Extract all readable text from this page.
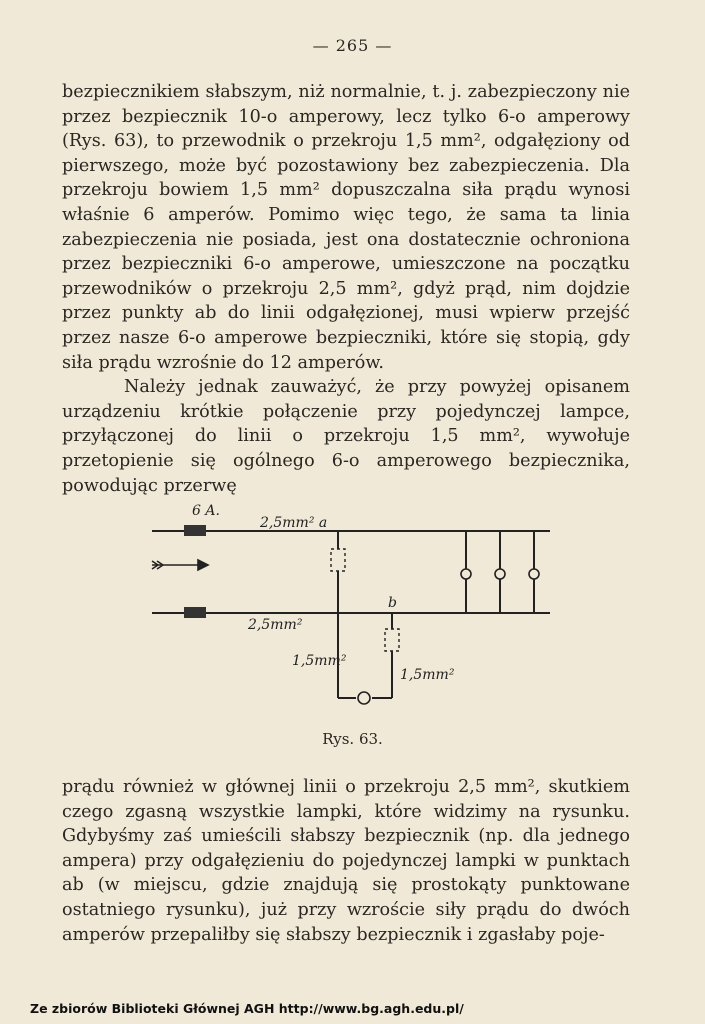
— 265 —

bezpiecznikiem słabszym, niż normalnie, t. j. zabezpieczony nie przez bezpiecznik 10-o amperowy, lecz tylko 6-o amperowy (Rys. 63), to przewodnik o przekroju 1,5 mm², odgałęziony od pierwszego, może być pozostawiony bez zabezpieczenia. Dla przekroju bowiem 1,5 mm² dopuszczalna siła prądu wynosi właśnie 6 amperów. Pomimo więc tego, że sama ta linia zabezpieczenia nie posiada, jest ona dostatecznie ochroniona przez bezpieczniki 6-o amperowe, umieszczone na początku przewodników o przekroju 2,5 mm², gdyż prąd, nim dojdzie przez punkty ab do linii odgałęzionej, musi wpierw przejść przez nasze 6-o amperowe bezpieczniki, które się stopią, gdy siła prądu wzrośnie do 12 amperów.

Należy jednak zauważyć, że przy powyżej opisanem urządzeniu krótkie połączenie przy pojedynczej lampce, przyłączonej do linii o przekroju 1,5 mm², wywołuje przetopienie się ogólnego 6-o amperowego bezpiecznika, powodując przerwę

6 A.
2,5mm² a
2,5mm²
b
1,5mm²
1,5mm²
Rys. 63.

prądu również w głównej linii o przekroju 2,5 mm², skutkiem czego zgasną wszystkie lampki, które widzimy na rysunku. Gdybyśmy zaś umieścili słabszy bezpiecznik (np. dla jednego ampera) przy odgałęzieniu do pojedynczej lampki w punktach ab (w miejscu, gdzie znajdują się prostokąty punktowane ostatniego rysunku), już przy wzroście siły prądu do dwóch amperów przepaliłby się słabszy bezpiecznik i zgasłaby poje-

Ze zbiorów Biblioteki Głównej AGH http://www.bg.agh.edu.pl/
